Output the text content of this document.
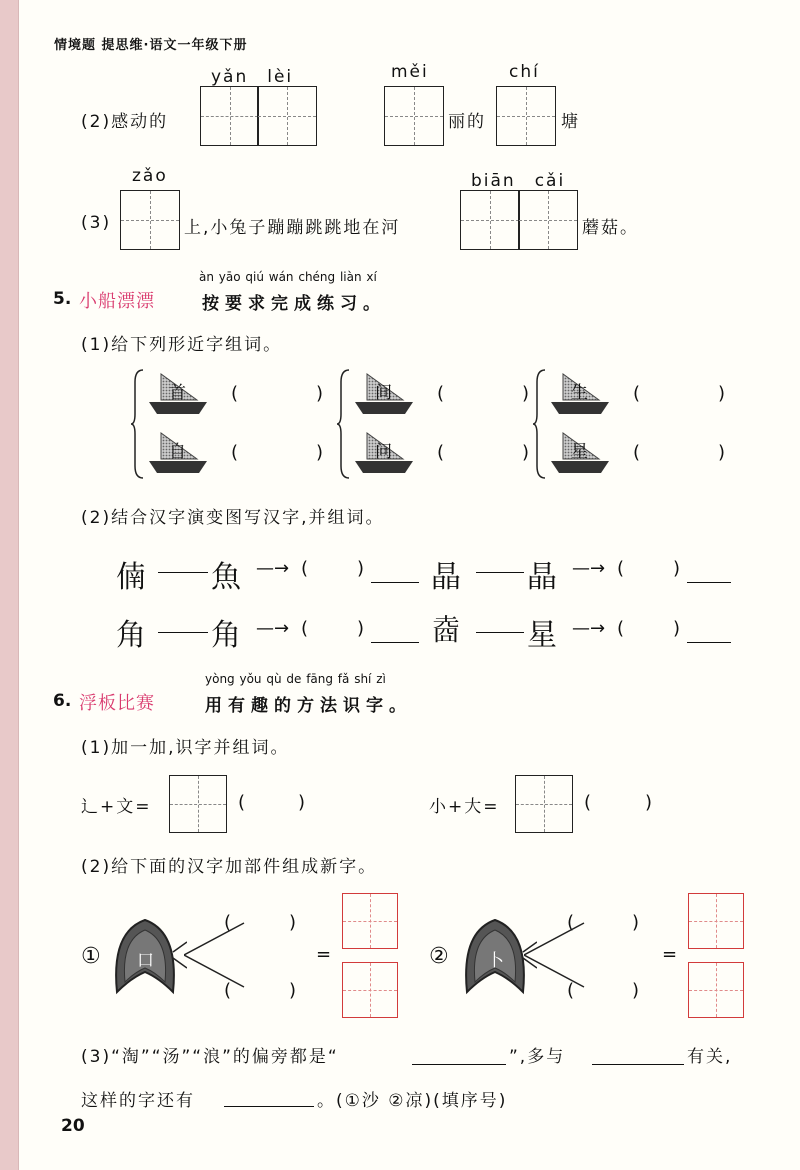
情境题 提思维·语文一年级下册
yǎn　lèi	měi	chí
(2)感动的	丽的	塘
zǎo	biān　cǎi
(3)	上,小兔子蹦蹦跳跳地在河	蘑菇。
àn yāo qiú wán chéng liàn xí
5. 小船漂漂	按要求完成练习。
(1)给下列形近字组词。
首 (	)
自 (	)
间 (	)
问 (	)
生 (	)
星 (	)
(2)结合汉字演变图写汉字,并组词。
㑲 魚 —→ (	) 晶 晶 —→ (	)
角 角 —→ (	) 𡍬 星 —→ (	)
yòng yǒu qù de fāng fǎ shí zì
6. 浮板比赛	用有趣的方法识字。
(1)加一加,识字并组词。
辶+文=	(	)	小+大=	(	)
(2)给下面的汉字加部件组成新字。
① 口
(	)
(	)
=	② 卜
(	)
(	)
=
(3)“淘”“汤”“浪”的偏旁都是“	”,多与	有关,
这样的字还有	。(①沙 ②凉)(填序号)
20
